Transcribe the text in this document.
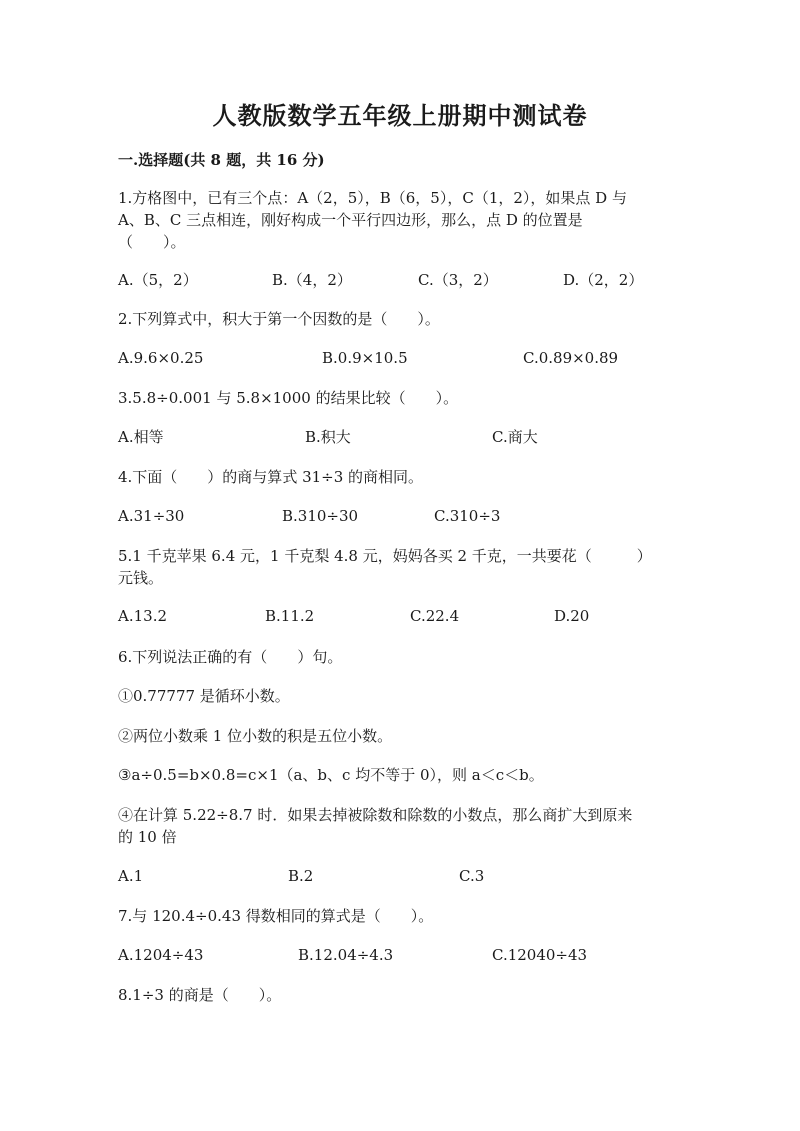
人教版数学五年级上册期中测试卷
一.选择题(共 8 题，共 16 分)
1.方格图中，已有三个点：A（2，5），B（6，5），C（1，2），如果点 D 与
A、B、C 三点相连，刚好构成一个平行四边形，那么，点 D 的位置是
（　　）。
A.（5，2）	B.（4，2）	C.（3，2）	D.（2，2）
2.下列算式中，积大于第一个因数的是（　　）。
A.9.6×0.25	B.0.9×10.5	C.0.89×0.89
3.5.8÷0.001 与 5.8×1000 的结果比较（　　）。
A.相等	B.积大	C.商大
4.下面（　　）的商与算式 31÷3 的商相同。
A.31÷30	B.310÷30	C.310÷3
5.1 千克苹果 6.4 元，1 千克梨 4.8 元，妈妈各买 2 千克，一共要花（　　　）
元钱。
A.13.2	B.11.2	C.22.4	D.20
6.下列说法正确的有（　　）句。
①0.77777 是循环小数。
②两位小数乘 1 位小数的积是五位小数。
③a÷0.5=b×0.8=c×1（a、b、c 均不等于 0），则 a＜c＜b。
④在计算 5.22÷8.7 时．如果去掉被除数和除数的小数点，那么商扩大到原来
的 10 倍
A.1	B.2	C.3
7.与 120.4÷0.43 得数相同的算式是（　　）。
A.1204÷43	B.12.04÷4.3	C.12040÷43
8.1÷3 的商是（　　）。
